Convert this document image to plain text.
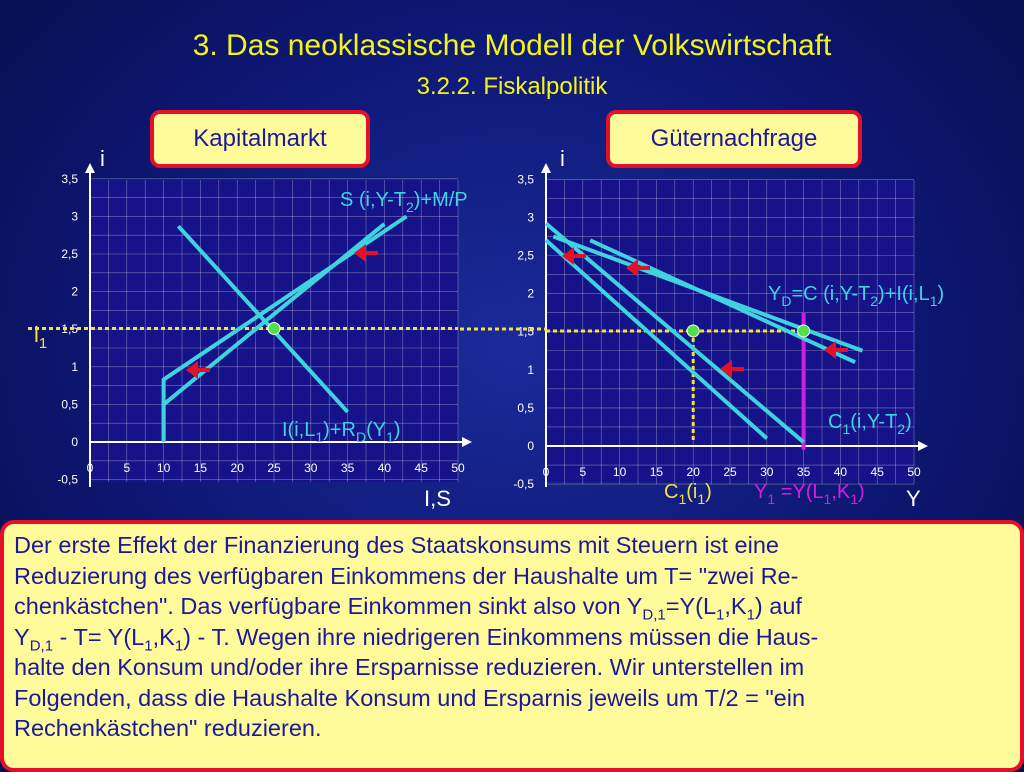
3. Das neoklassische Modell der Volkswirtschaft
3.2.2. Fiskalpolitik
Kapitalmarkt	Güternachfrage
0	5 10 15 20 25 30 35 40 45 50
3,5
3
2,5
2
1,5
1
0,5
0
-0,5
i
I,S
$i_1$
S $(i,Y-T_2)+M/P$
$I(i,L_1)+R_D(Y_1)$
0	5 10 15 20 25 30 35 40 45 50
3,5
3
2,5
2
1,5
1
0,5
0
-0,5
i
Y
$Y_D=C$ $(i,Y-T_2)+I(i,L_1)$
$C_1(i,Y-T_2)$
$C_1(i_1)$ $Y_1 =Y(L_1,K_1)$

Der erste Effekt der Finanzierung des Staatskonsums mit Steuern ist eine

Reduzierung des verfügbaren Einkommens der Haushalte um T= "zwei Re-

chenkästchen". Das verfügbare Einkommen sinkt also von $Y_{D,1}=Y(L_1,K_1)$ auf

$Y_{D,1} - T= Y(L_1,K_1) - T$. Wegen ihre niedrigeren Einkommens müssen die Haus-

halte den Konsum und/oder ihre Ersparnisse reduzieren. Wir unterstellen im

Folgenden, dass die Haushalte Konsum und Ersparnis jeweils um T/2 = "ein

Rechenkästchen" reduzieren.
